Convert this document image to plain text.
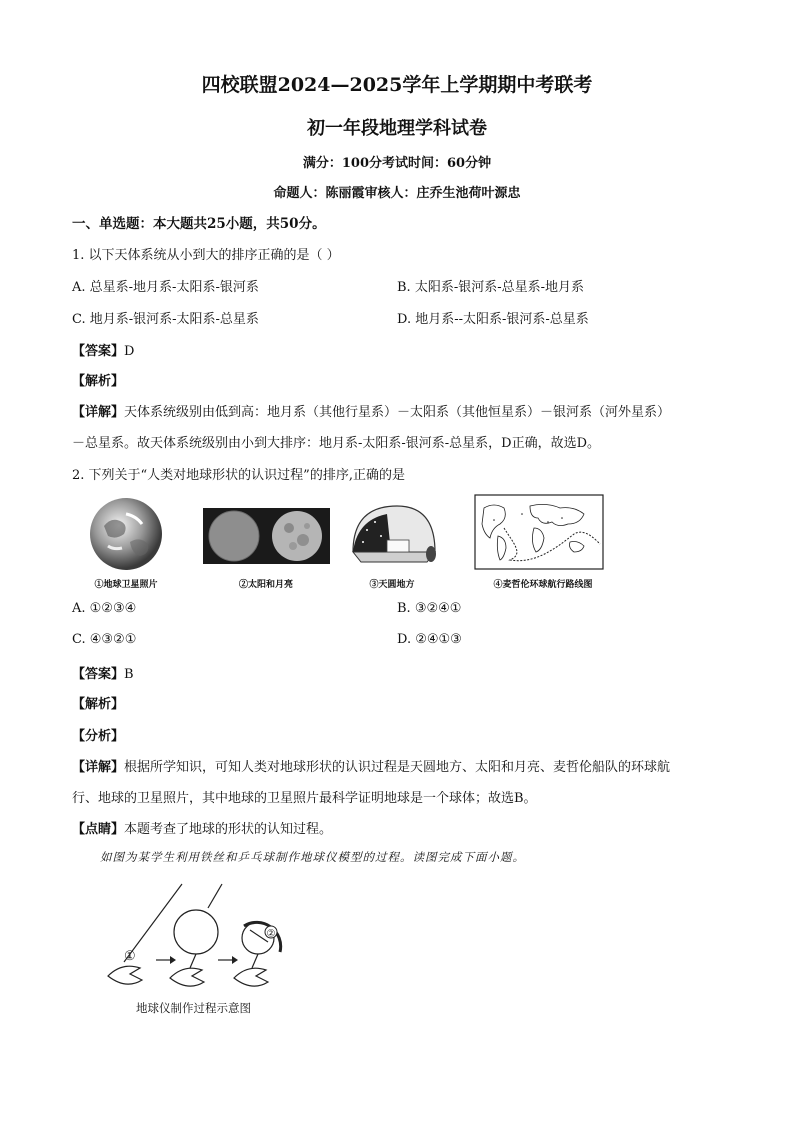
四校联盟2024—2025学年上学期期中考联考
初一年段地理学科试卷
满分：100分考试时间：60分钟
命题人：陈丽霞审核人：庄乔生池荷叶源忠
一、单选题：本大题共25小题，共50分。
1. 以下天体系统从小到大的排序正确的是（ ）
A. 总星系-地月系-太阳系-银河系	B. 太阳系-银河系-总星系-地月系
C. 地月系-银河系-太阳系-总星系	D. 地月系--太阳系-银河系-总星系
【答案】D
【解析】
【详解】天体系统级别由低到高：地月系（其他行星系）－太阳系（其他恒星系）－银河系（河外星系）
－总星系。故天体系统级别由小到大排序：地月系-太阳系-银河系-总星系，D正确，故选D。
2. 下列关于“人类对地球形状的认识过程”的排序,正确的是
①地球卫星照片	②太阳和月亮	③天圆地方	④麦哲伦环球航行路线图
A. ①②③④	B. ③②④①
C. ④③②①	D. ②④①③
【答案】B
【解析】
【分析】
【详解】根据所学知识，可知人类对地球形状的认识过程是天圆地方、太阳和月亮、麦哲伦船队的环球航
行、地球的卫星照片，其中地球的卫星照片最科学证明地球是一个球体；故选B。
【点睛】本题考查了地球的形状的认知过程。
如图为某学生利用铁丝和乒乓球制作地球仪模型的过程。读图完成下面小题。
①
②
地球仪制作过程示意图
